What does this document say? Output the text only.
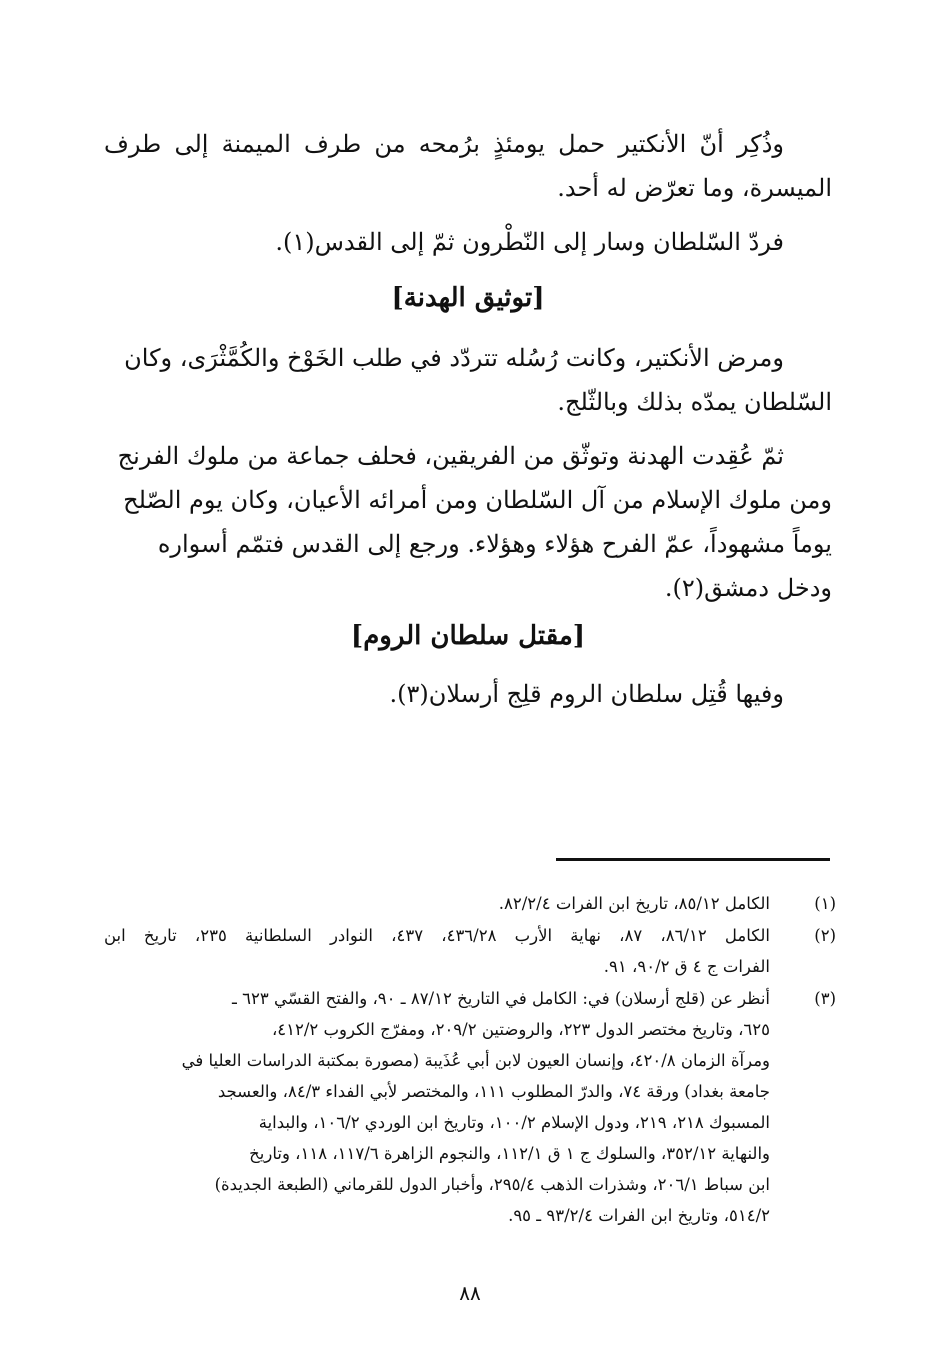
وذُكِر أنّ الأنكتير حمل يومئذٍ برُمحه من طرف الميمنة إلى طرف
الميسرة، وما تعرّض له أحد.
فردّ السّلطان وسار إلى النّطْرون ثمّ إلى القدس(١).
[توثيق الهدنة]
ومرض الأنكتير، وكانت رُسُله تتردّد في طلب الخَوْخ والكُمَّثْرَى، وكان
السّلطان يمدّه بذلك وبالثّلج.
ثمّ عُقِدت الهدنة وتوثّق من الفريقين، فحلف جماعة من ملوك الفرنج
ومن ملوك الإسلام من آل السّلطان ومن أمرائه الأعيان، وكان يوم الصّلح
يوماً مشهوداً، عمّ الفرح هؤلاء وهؤلاء. ورجع إلى القدس فتمّم أسواره
ودخل دمشق(٢).
[مقتل سلطان الروم]
وفيها قُتِل سلطان الروم قلِج أرسلان(٣).
(١)
الكامل ٨٥/١٢، تاريخ ابن الفرات ٨٢/٢/٤.
(٢)
الكامل ٨٦/١٢، ٨٧، نهاية الأرب ٤٣٦/٢٨، ٤٣٧، النوادر السلطانية ٢٣٥، تاريخ ابن
الفرات ج ٤ ق ٩٠/٢، ٩١.
(٣)
أنظر عن (قلج أرسلان) في: الكامل في التاريخ ٨٧/١٢ ـ ٩٠، والفتح القسّي ٦٢٣ ـ
٦٢٥، وتاريخ مختصر الدول ٢٢٣، والروضتين ٢٠٩/٢، ومفرّج الكروب ٤١٢/٢،
ومرآة الزمان ٤٢٠/٨، وإنسان العيون لابن أبي عُذَيبة (مصورة بمكتبة الدراسات العليا في
جامعة بغداد) ورقة ٧٤، والدرّ المطلوب ١١١، والمختصر لأبي الفداء ٨٤/٣، والعسجد
المسبوك ٢١٨، ٢١٩، ودول الإسلام ١٠٠/٢، وتاريخ ابن الوردي ١٠٦/٢، والبداية
والنهاية ٣٥٢/١٢، والسلوك ج ١ ق ١١٢/١، والنجوم الزاهرة ١١٧/٦، ١١٨، وتاريخ
ابن سباط ٢٠٦/١، وشذرات الذهب ٢٩٥/٤، وأخبار الدول للقرماني (الطبعة الجديدة)
٥١٤/٢، وتاريخ ابن الفرات ٩٣/٢/٤ ـ ٩٥.
٨٨
